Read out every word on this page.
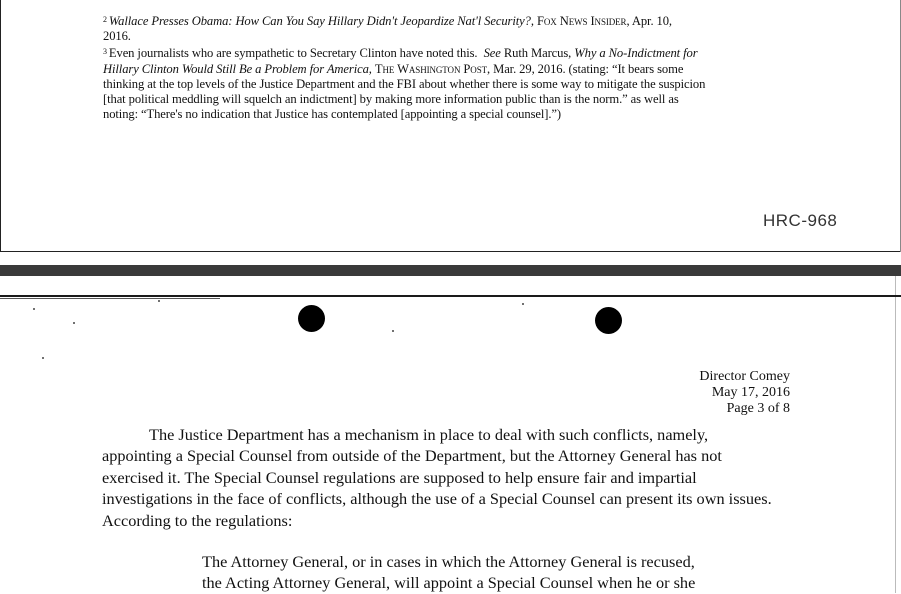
$^2$ Wallace Presses Obama: How Can You Say Hillary Didn't Jeopardize Nat'l Security?, Fox News Insider, Apr. 10,
2016.

$^3$ Even journalists who are sympathetic to Secretary Clinton have noted this. See Ruth Marcus, Why a No-Indictment for
Hillary Clinton Would Still Be a Problem for America, The Washington Post, Mar. 29, 2016. (stating: “It bears some
thinking at the top levels of the Justice Department and the FBI about whether there is some way to mitigate the suspicion
[that political meddling will squelch an indictment] by making more information public than is the norm.” as well as
noting: “There's no indication that Justice has contemplated [appointing a special counsel].”)

HRC-968
Director Comey
May 17, 2016
Page 3 of 8
The Justice Department has a mechanism in place to deal with such conflicts, namely,
appointing a Special Counsel from outside of the Department, but the Attorney General has not
exercised it. The Special Counsel regulations are supposed to help ensure fair and impartial
investigations in the face of conflicts, although the use of a Special Counsel can present its own issues.
According to the regulations:
The Attorney General, or in cases in which the Attorney General is recused,
the Acting Attorney General, will appoint a Special Counsel when he or she
